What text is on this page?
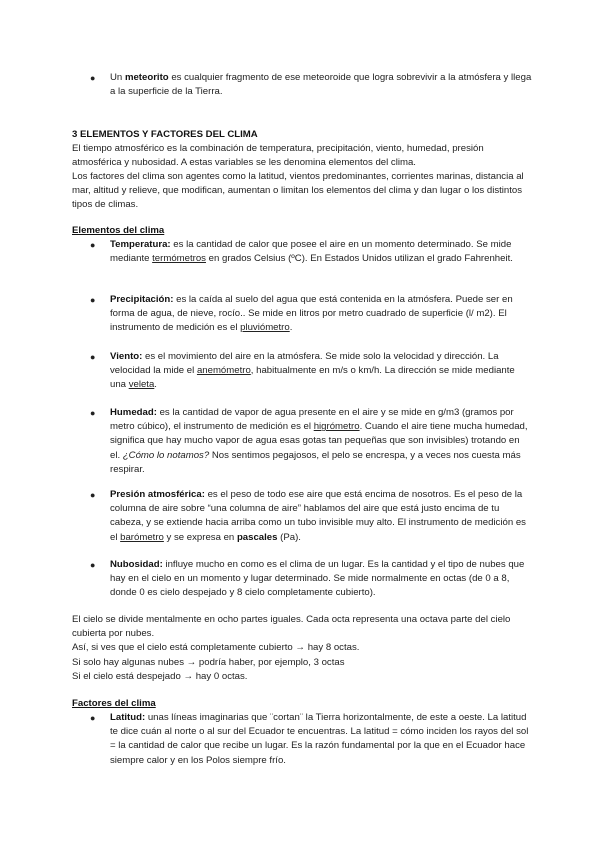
●	Un meteorito es cualquier fragmento de ese meteoroide que logra sobrevivir a la atmósfera y llega a la superficie de la Tierra.
3 ELEMENTOS Y FACTORES DEL CLIMA
El tiempo atmosférico es la combinación de temperatura, precipitación, viento, humedad, presión atmosférica y nubosidad. A estas variables se les denomina elementos del clima.
Los factores del clima son agentes como la latitud, vientos predominantes, corrientes marinas, distancia al mar, altitud y relieve, que modifican, aumentan o limitan los elementos del clima y dan lugar o los distintos tipos de climas.
Elementos del clima
●	Temperatura: es la cantidad de calor que posee el aire en un momento determinado. Se mide mediante termómetros en grados Celsius (ºC). En Estados Unidos utilizan el grado Fahrenheit.
●	Precipitación: es la caída al suelo del agua que está contenida en la atmósfera. Puede ser en forma de agua, de nieve, rocío.. Se mide en litros por metro cuadrado de superficie (l/ m2). El instrumento de medición es el pluviómetro.
●	Viento: es el movimiento del aire en la atmósfera. Se mide solo la velocidad y dirección. La velocidad la mide el anemómetro, habitualmente en m/s o km/h. La dirección se mide mediante una veleta.
●	Humedad: es la cantidad de vapor de agua presente en el aire y se mide en g/m3 (gramos por metro cúbico), el instrumento de medición es el higrómetro. Cuando el aire tiene mucha humedad, significa que hay mucho vapor de agua esas gotas tan pequeñas que son invisibles) trotando en el. ¿Cómo lo notamos? Nos sentimos pegajosos, el pelo se encrespa, y a veces nos cuesta más respirar.
●	Presión atmosférica: es el peso de todo ese aire que está encima de nosotros. Es el peso de la columna de aire sobre “una columna de aire” hablamos del aire que está justo encima de tu cabeza, y se extiende hacia arriba como un tubo invisible muy alto. El instrumento de medición es el barómetro y se expresa en pascales (Pa).
●	Nubosidad: influye mucho en como es el clima de un lugar. Es la cantidad y el tipo de nubes que hay en el cielo en un momento y lugar determinado. Se mide normalmente en octas (de 0 a 8, donde 0 es cielo despejado y 8 cielo completamente cubierto).
El cielo se divide mentalmente en ocho partes iguales. Cada octa representa una octava parte del cielo cubierta por nubes.
Así, si ves que el cielo está completamente cubierto → hay 8 octas.
Si solo hay algunas nubes → podría haber, por ejemplo, 3 octas
Si el cielo está despejado → hay 0 octas.
Factores del clima
●	Latitud: unas líneas imaginarias que ¨cortan¨ la Tierra horizontalmente, de este a oeste. La latitud te dice cuán al norte o al sur del Ecuador te encuentras. La latitud = cómo inciden los rayos del sol = la cantidad de calor que recibe un lugar. Es la razón fundamental por la que en el Ecuador hace siempre calor y en los Polos siempre frío.
